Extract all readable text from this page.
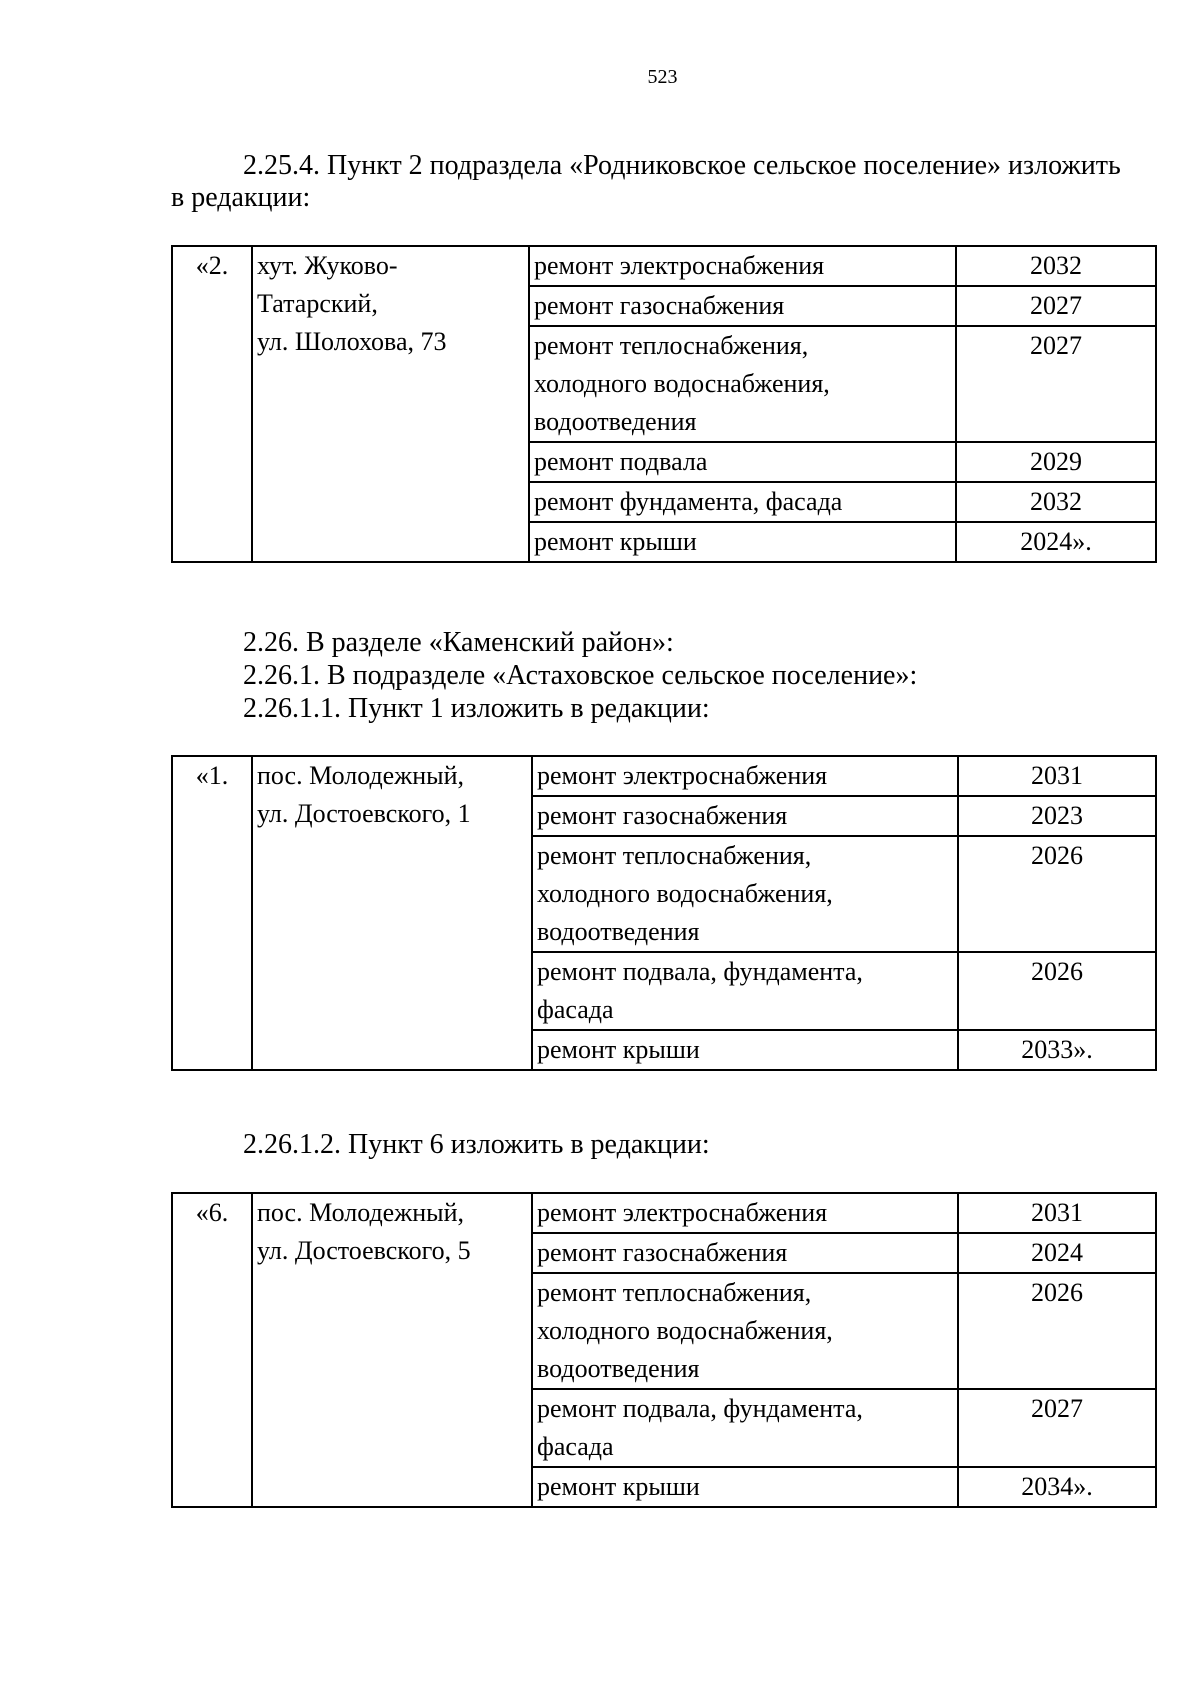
523

2.25.4. Пункт 2 подраздела «Родниковское сельское поселение» изложить
в редакции:

«2.	хут. Жуково-
Татарский,
ул. Шолохова, 73	ремонт электроснабжения	2032
		ремонт газоснабжения	2027
		ремонт теплоснабжения,
холодного водоснабжения,
водоотведения	2027
		ремонт подвала	2029
		ремонт фундамента, фасада	2032
		ремонт крыши	2024».

2.26. В разделе «Каменский район»:

2.26.1. В подразделе «Астаховское сельское поселение»:

2.26.1.1. Пункт 1 изложить в редакции:

«1.	пос. Молодежный,
ул. Достоевского, 1	ремонт электроснабжения	2031
		ремонт газоснабжения	2023
		ремонт теплоснабжения,
холодного водоснабжения,
водоотведения	2026
		ремонт подвала, фундамента,
фасада	2026
		ремонт крыши	2033».

2.26.1.2. Пункт 6 изложить в редакции:

«6.	пос. Молодежный,
ул. Достоевского, 5	ремонт электроснабжения	2031
		ремонт газоснабжения	2024
		ремонт теплоснабжения,
холодного водоснабжения,
водоотведения	2026
		ремонт подвала, фундамента,
фасада	2027
		ремонт крыши	2034».
